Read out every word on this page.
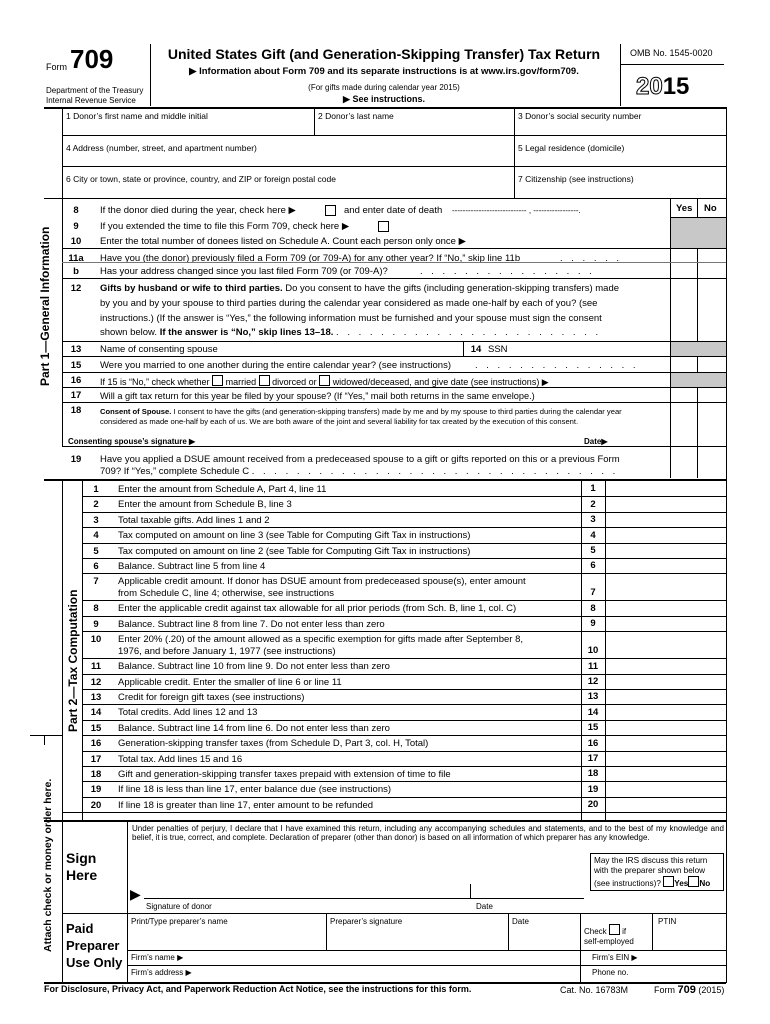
Form 709
Department of the Treasury
Internal Revenue Service
United States Gift (and Generation-Skipping Transfer) Tax Return
▶ Information about Form 709 and its separate instructions is at www.irs.gov/form709.
(For gifts made during calendar year 2015)
▶ See instructions.
OMB No. 1545-0020
2015
1 Donor’s first name and middle initial	2 Donor’s last name	3 Donor’s social security number
4 Address (number, street, and apartment number)	5 Legal residence (domicile)
6 City or town, state or province, country, and ZIP or foreign postal code	7 Citizenship (see instructions)
Part 1—General Information
Yes No
8	If the donor died during the year, check here ▶	and enter date of death ---------------------------- , -----------------.
9	If you extended the time to file this Form 709, check here ▶
10	Enter the total number of donees listed on Schedule A. Count each person only once ▶
11a	Have you (the donor) previously filed a Form 709 (or 709-A) for any other year? If “No,” skip line 11b	. . . . . .
b	Has your address changed since you last filed Form 709 (or 709-A)?	. . . . . . . . . . . . . . . .
12	Gifts by husband or wife to third parties. Do you consent to have the gifts (including generation-skipping transfers) made
by you and by your spouse to third parties during the calendar year considered as made one-half by each of you? (see
instructions.) (If the answer is “Yes,” the following information must be furnished and your spouse must sign the consent
shown below. If the answer is “No,” skip lines 13–18. . . . . . . . . . . . . . . . . . . . . . . . .
13	Name of consenting spouse	14 SSN
15	Were you married to one another during the entire calendar year? (see instructions)	. . . . . . . . . . . . . . .
16	If 15 is “No,” check whether married divorced or widowed/deceased, and give date (see instructions) ▶
17	Will a gift tax return for this year be filed by your spouse? (If “Yes,” mail both returns in the same envelope.)
18	Consent of Spouse. I consent to have the gifts (and generation-skipping transfers) made by me and by my spouse to third parties during the calendar year
considered as made one-half by each of us. We are both aware of the joint and several liability for tax created by the execution of this consent.
Consenting spouse’s signature ▶	Date▶
19	Have you applied a DSUE amount received from a predeceased spouse to a gift or gifts reported on this or a previous Form
709? If “Yes,” complete Schedule C . . . . . . . . . . . . . . . . . . . . . . . . . . . . . . . . .
Part 2—Tax Computation
1	Enter the amount from Schedule A, Part 4, line 11	1
2	Enter the amount from Schedule B, line 3	2
3	Total taxable gifts. Add lines 1 and 2	3
4	Tax computed on amount on line 3 (see Table for Computing Gift Tax in instructions)	4
5	Tax computed on amount on line 2 (see Table for Computing Gift Tax in instructions)	5
6	Balance. Subtract line 5 from line 4	6
7	Applicable credit amount. If donor has DSUE amount from predeceased spouse(s), enter amount
from Schedule C, line 4; otherwise, see instructions	7
8	Enter the applicable credit against tax allowable for all prior periods (from Sch. B, line 1, col. C)	8
9	Balance. Subtract line 8 from line 7. Do not enter less than zero	9
10	Enter 20% (.20) of the amount allowed as a specific exemption for gifts made after September 8,
1976, and before January 1, 1977 (see instructions)	10
11	Balance. Subtract line 10 from line 9. Do not enter less than zero	11
12	Applicable credit. Enter the smaller of line 6 or line 11	12
13	Credit for foreign gift taxes (see instructions)	13
14	Total credits. Add lines 12 and 13	14
15	Balance. Subtract line 14 from line 6. Do not enter less than zero	15
16	Generation-skipping transfer taxes (from Schedule D, Part 3, col. H, Total)	16
17	Total tax. Add lines 15 and 16	17
18	Gift and generation-skipping transfer taxes prepaid with extension of time to file	18
19	If line 18 is less than line 17, enter balance due (see instructions)	19
20	If line 18 is greater than line 17, enter amount to be refunded	20
Attach check or money order here. Sign
Here
Under penalties of perjury, I declare that I have examined this return, including any accompanying schedules and statements, and to the best of my knowledge and belief, it is true, correct, and complete. Declaration of preparer (other than donor) is based on all information of which preparer has any knowledge.
May the IRS discuss this return
with the preparer shown below
(see instructions)? Yes No
▶
Signature of donor	Date
Paid
Preparer
Use Only
Print/Type preparer’s name	Preparer’s signature	Date
Check if
self-employed
PTIN
Firm’s name ▶	Firm’s EIN ▶
Firm’s address ▶	Phone no.
For Disclosure, Privacy Act, and Paperwork Reduction Act Notice, see the instructions for this form.	Cat. No. 16783M	Form 709 (2015)
